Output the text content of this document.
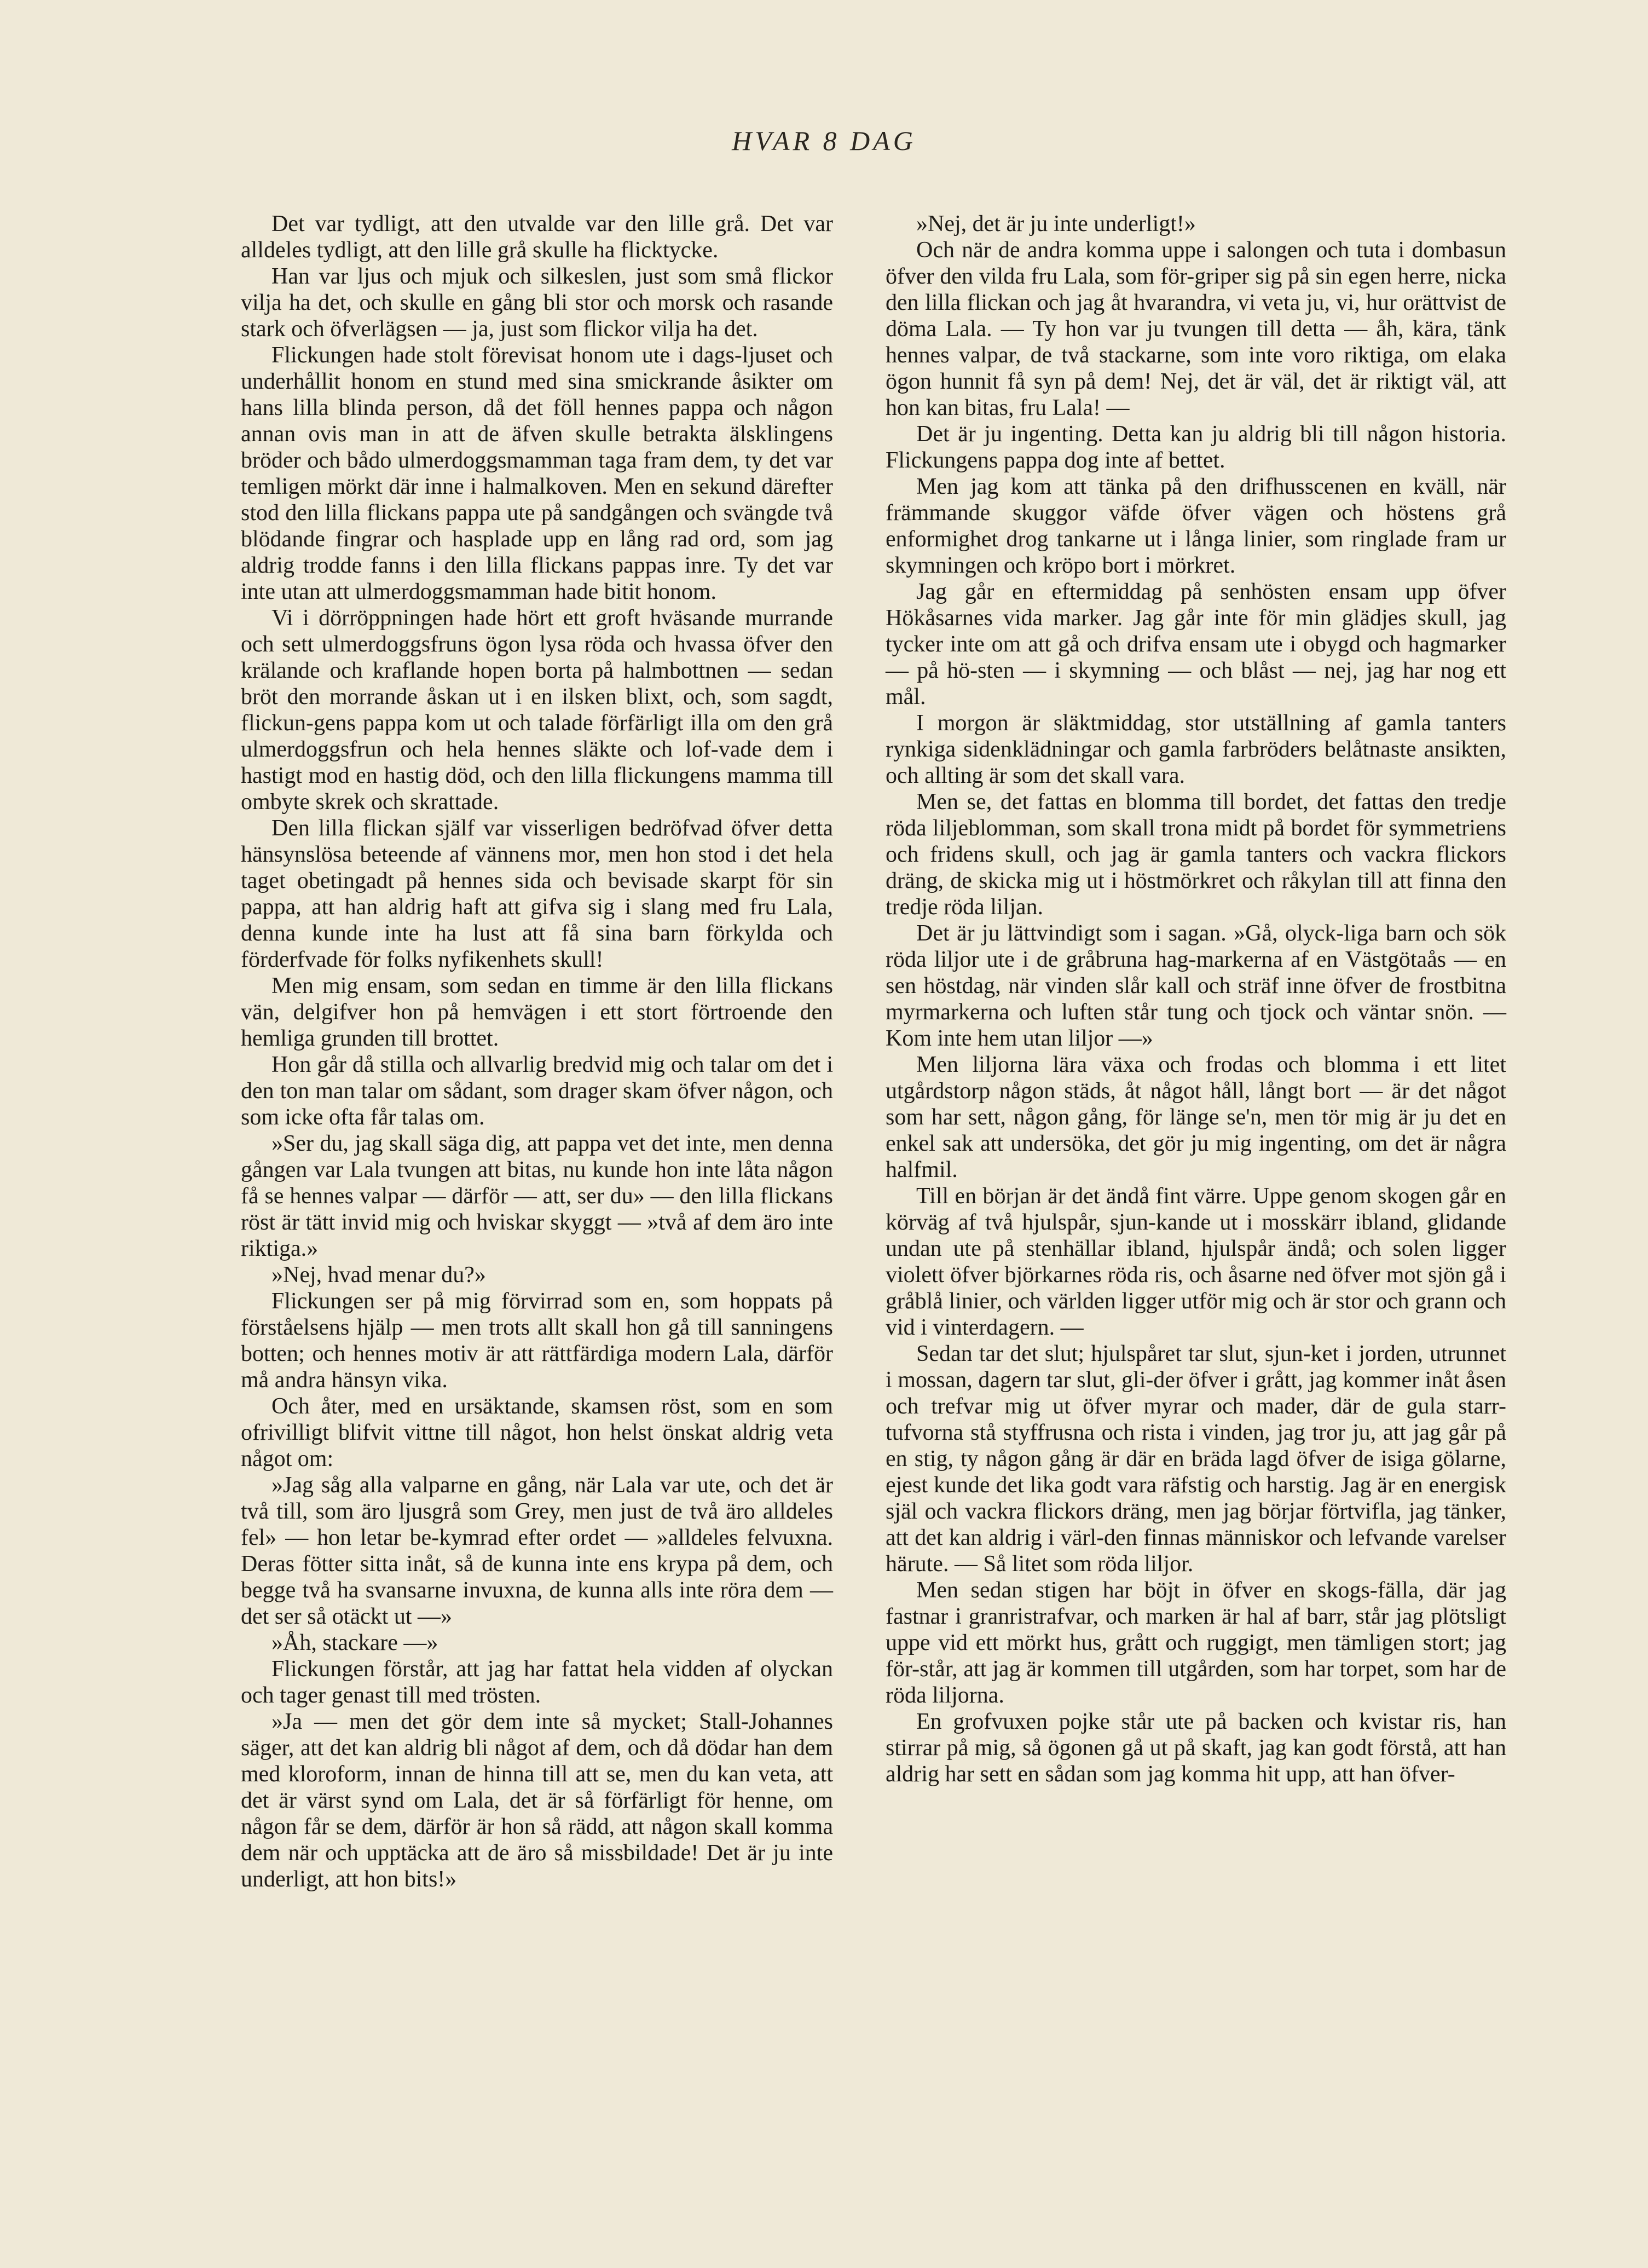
HVAR 8 DAG

Det var tydligt, att den utvalde var den lille grå. Det var alldeles tydligt, att den lille grå skulle ha flicktycke.

Han var ljus och mjuk och silkeslen, just som små flickor vilja ha det, och skulle en gång bli stor och morsk och rasande stark och öfverlägsen — ja, just som flickor vilja ha det.

Flickungen hade stolt förevisat honom ute i dags-ljuset och underhållit honom en stund med sina smickrande åsikter om hans lilla blinda person, då det föll hennes pappa och någon annan ovis man in att de äfven skulle betrakta älsklingens bröder och bådo ulmerdoggsmamman taga fram dem, ty det var temligen mörkt där inne i halmalkoven. Men en sekund därefter stod den lilla flickans pappa ute på sandgången och svängde två blödande fingrar och hasplade upp en lång rad ord, som jag aldrig trodde fanns i den lilla flickans pappas inre. Ty det var inte utan att ulmerdoggsmamman hade bitit honom.

Vi i dörröppningen hade hört ett groft hväsande murrande och sett ulmerdoggsfruns ögon lysa röda och hvassa öfver den krälande och kraflande hopen borta på halmbottnen — sedan bröt den morrande åskan ut i en ilsken blixt, och, som sagdt, flickun-gens pappa kom ut och talade förfärligt illa om den grå ulmerdoggsfrun och hela hennes släkte och lof-vade dem i hastigt mod en hastig död, och den lilla flickungens mamma till ombyte skrek och skrattade.

Den lilla flickan själf var visserligen bedröfvad öfver detta hänsynslösa beteende af vännens mor, men hon stod i det hela taget obetingadt på hennes sida och bevisade skarpt för sin pappa, att han aldrig haft att gifva sig i slang med fru Lala, denna kunde inte ha lust att få sina barn förkylda och förderfvade för folks nyfikenhets skull!

Men mig ensam, som sedan en timme är den lilla flickans vän, delgifver hon på hemvägen i ett stort förtroende den hemliga grunden till brottet.

Hon går då stilla och allvarlig bredvid mig och talar om det i den ton man talar om sådant, som drager skam öfver någon, och som icke ofta får talas om.

»Ser du, jag skall säga dig, att pappa vet det inte, men denna gången var Lala tvungen att bitas, nu kunde hon inte låta någon få se hennes valpar — därför — att, ser du» — den lilla flickans röst är tätt invid mig och hviskar skyggt — »två af dem äro inte riktiga.»

»Nej, hvad menar du?»

Flickungen ser på mig förvirrad som en, som hoppats på förståelsens hjälp — men trots allt skall hon gå till sanningens botten; och hennes motiv är att rättfärdiga modern Lala, därför må andra hänsyn vika.

Och åter, med en ursäktande, skamsen röst, som en som ofrivilligt blifvit vittne till något, hon helst önskat aldrig veta något om:

»Jag såg alla valparne en gång, när Lala var ute, och det är två till, som äro ljusgrå som Grey, men just de två äro alldeles fel» — hon letar be-kymrad efter ordet — »alldeles felvuxna. Deras fötter sitta inåt, så de kunna inte ens krypa på dem, och begge två ha svansarne invuxna, de kunna alls inte röra dem — det ser så otäckt ut —»

»Åh, stackare —»

Flickungen förstår, att jag har fattat hela vidden af olyckan och tager genast till med trösten.

»Ja — men det gör dem inte så mycket; Stall-Johannes säger, att det kan aldrig bli något af dem, och då dödar han dem med kloroform, innan de hinna till att se, men du kan veta, att det är värst synd om Lala, det är så förfärligt för henne, om någon får se dem, därför är hon så rädd, att någon skall komma dem när och upptäcka att de äro så missbildade! Det är ju inte underligt, att hon bits!»

»Nej, det är ju inte underligt!»

Och när de andra komma uppe i salongen och tuta i dombasun öfver den vilda fru Lala, som för-griper sig på sin egen herre, nicka den lilla flickan och jag åt hvarandra, vi veta ju, vi, hur orättvist de döma Lala. — Ty hon var ju tvungen till detta — åh, kära, tänk hennes valpar, de två stackarne, som inte voro riktiga, om elaka ögon hunnit få syn på dem! Nej, det är väl, det är riktigt väl, att hon kan bitas, fru Lala! —

Det är ju ingenting. Detta kan ju aldrig bli till någon historia. Flickungens pappa dog inte af bettet.

Men jag kom att tänka på den drifhusscenen en kväll, när främmande skuggor väfde öfver vägen och höstens grå enformighet drog tankarne ut i långa linier, som ringlade fram ur skymningen och kröpo bort i mörkret.

Jag går en eftermiddag på senhösten ensam upp öfver Hökåsarnes vida marker. Jag går inte för min glädjes skull, jag tycker inte om att gå och drifva ensam ute i obygd och hagmarker — på hö-sten — i skymning — och blåst — nej, jag har nog ett mål.

I morgon är släktmiddag, stor utställning af gamla tanters rynkiga sidenklädningar och gamla farbröders belåtnaste ansikten, och allting är som det skall vara.

Men se, det fattas en blomma till bordet, det fattas den tredje röda liljeblomman, som skall trona midt på bordet för symmetriens och fridens skull, och jag är gamla tanters och vackra flickors dräng, de skicka mig ut i höstmörkret och råkylan till att finna den tredje röda liljan.

Det är ju lättvindigt som i sagan. »Gå, olyck-liga barn och sök röda liljor ute i de gråbruna hag-markerna af en Västgötaås — en sen höstdag, när vinden slår kall och sträf inne öfver de frostbitna myrmarkerna och luften står tung och tjock och väntar snön. — Kom inte hem utan liljor —»

Men liljorna lära växa och frodas och blomma i ett litet utgårdstorp någon städs, åt något håll, långt bort — är det något som har sett, någon gång, för länge se'n, men tör mig är ju det en enkel sak att undersöka, det gör ju mig ingenting, om det är några halfmil.

Till en början är det ändå fint värre. Uppe genom skogen går en körväg af två hjulspår, sjun-kande ut i mosskärr ibland, glidande undan ute på stenhällar ibland, hjulspår ändå; och solen ligger violett öfver björkarnes röda ris, och åsarne ned öfver mot sjön gå i gråblå linier, och världen ligger utför mig och är stor och grann och vid i vinterdagern. —

Sedan tar det slut; hjulspåret tar slut, sjun-ket i jorden, utrunnet i mossan, dagern tar slut, gli-der öfver i grått, jag kommer inåt åsen och trefvar mig ut öfver myrar och mader, där de gula starr-tufvorna stå styffrusna och rista i vinden, jag tror ju, att jag går på en stig, ty någon gång är där en bräda lagd öfver de isiga gölarne, ejest kunde det lika godt vara räfstig och harstig. Jag är en energisk själ och vackra flickors dräng, men jag börjar förtvifla, jag tänker, att det kan aldrig i värl-den finnas människor och lefvande varelser härute. — Så litet som röda liljor.

Men sedan stigen har böjt in öfver en skogs-fälla, där jag fastnar i granristrafvar, och marken är hal af barr, står jag plötsligt uppe vid ett mörkt hus, grått och ruggigt, men tämligen stort; jag för-står, att jag är kommen till utgården, som har torpet, som har de röda liljorna.

En grofvuxen pojke står ute på backen och kvistar ris, han stirrar på mig, så ögonen gå ut på skaft, jag kan godt förstå, att han aldrig har sett en sådan som jag komma hit upp, att han öfver-
